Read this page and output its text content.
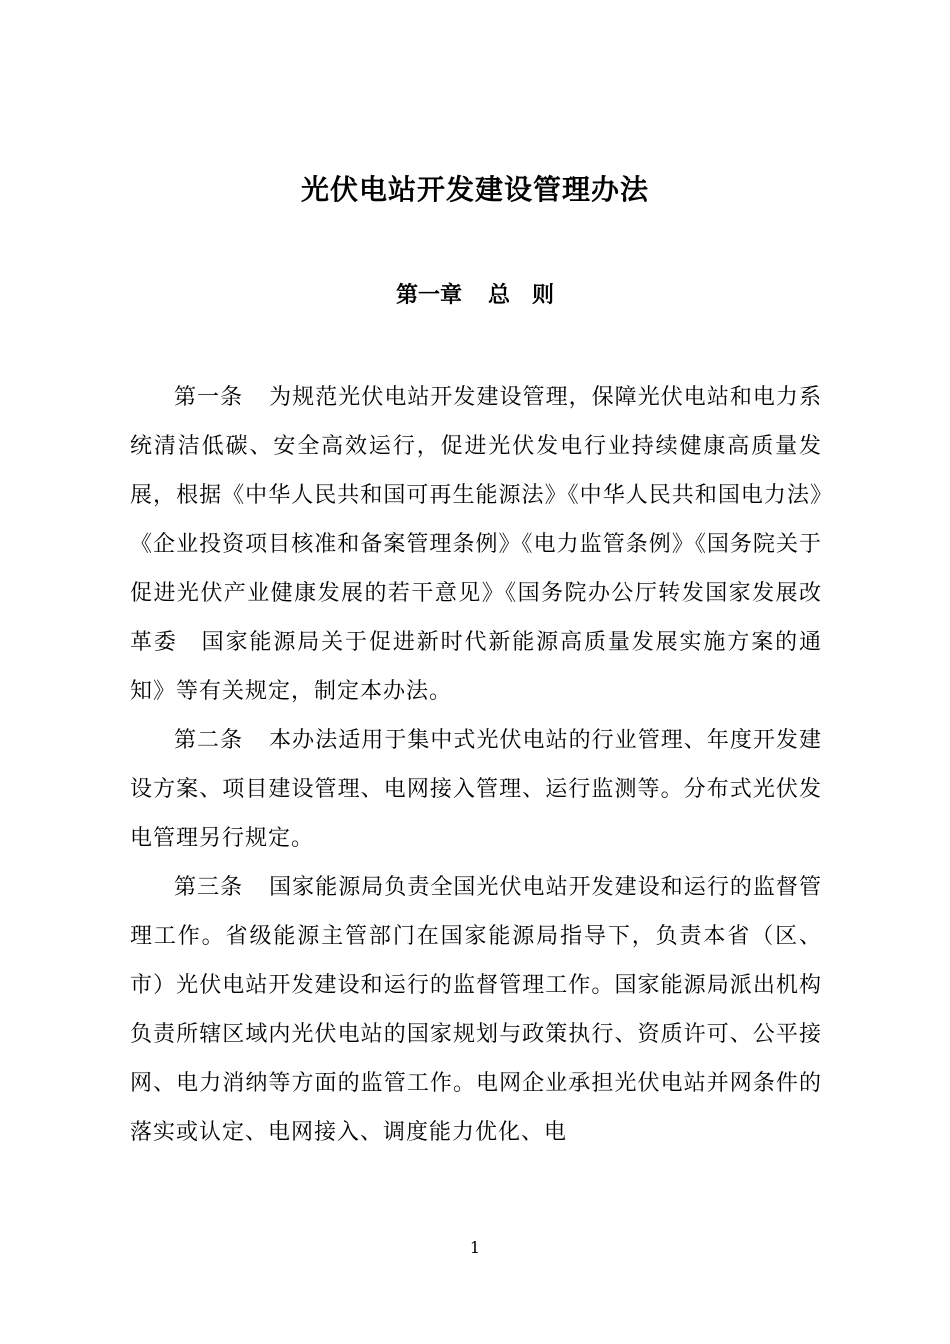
光伏电站开发建设管理办法
第一章 总　则

第一条 为规范光伏电站开发建设管理，保障光伏电站和电力系统清洁低碳、安全高效运行，促进光伏发电行业持续健康高质量发展，根据《中华人民共和国可再生能源法》《中华人民共和国电力法》《企业投资项目核准和备案管理条例》《电力监管条例》《国务院关于促进光伏产业健康发展的若干意见》《国务院办公厅转发国家发展改革委　国家能源局关于促进新时代新能源高质量发展实施方案的通知》等有关规定，制定本办法。

第二条 本办法适用于集中式光伏电站的行业管理、年度开发建设方案、项目建设管理、电网接入管理、运行监测等。分布式光伏发电管理另行规定。

第三条 国家能源局负责全国光伏电站开发建设和运行的监督管理工作。省级能源主管部门在国家能源局指导下，负责本省（区、市）光伏电站开发建设和运行的监督管理工作。国家能源局派出机构负责所辖区域内光伏电站的国家规划与政策执行、资质许可、公平接网、电力消纳等方面的监管工作。电网企业承担光伏电站并网条件的落实或认定、电网接入、调度能力优化、电

1
